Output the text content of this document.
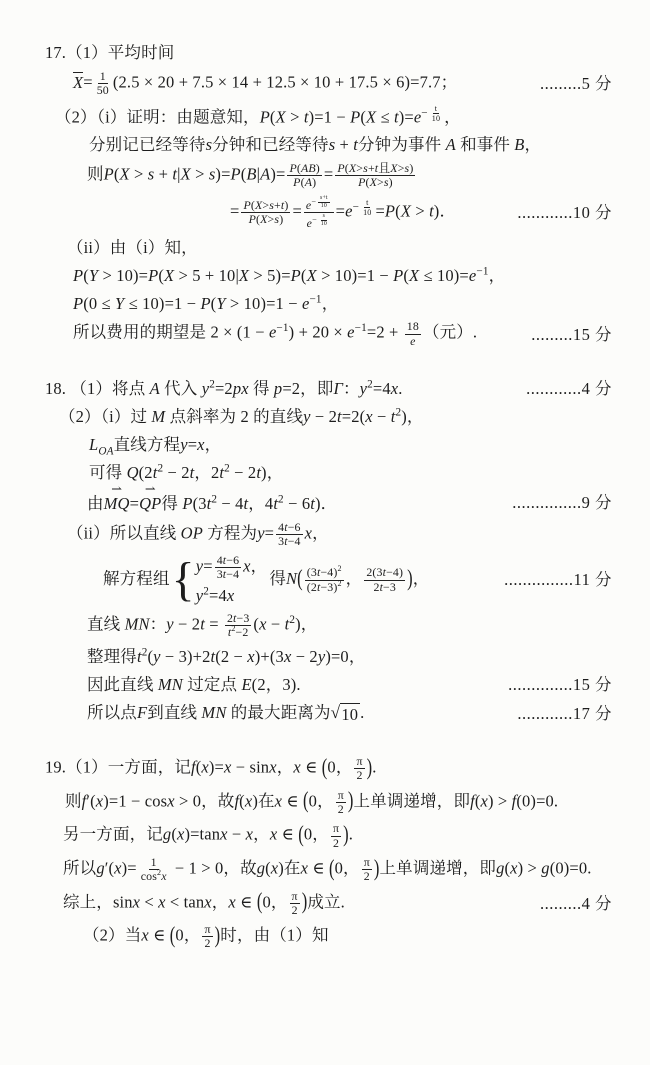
17.（1）平均时间
$X= \frac{1}{50} (2.5 \times 20 + 7.5 \times 14 + 12.5 \times 10 + 17.5 \times 6)=7.7$；	.........5 分
（2）（i）证明：由题意知，$P(X > t)=1 - P(X \le t)=e^{- \frac{t}{10}}$ ，
分别记已经等待s分钟和已经等待s + t分钟为事件 A 和事件 B，
则$P(X > s + t|X > s)=P(B|A)= \frac{P(AB)}{P(A)} = \frac{\text{P(X>s+t且X>s)}}{P(X>s)}$
= $\frac{P(X>s+t)}{P(X>s)} = e^{- \frac{s+t}{10}}$
$e^{- \frac{s}{10}} =e^{- \frac{t}{10}} =P(X > t)$．	............10 分
（ii）由（i）知，
$P(Y > 10)=P(X > 5 + 10|X > 5)=P(X > 10)=1 - P(X \le 10)=e^{-1}$，
$P(0 \le Y \le 10)=1 - P(Y > 10)=1 - e^{-1}$，
所以费用的期望是 $2 \times (1 - e^{-1}) + 20 \times e^{-1}=2 + \frac{18}{e}$ （元）.	.........15 分
18. （1）将点 A 代入 $y^2=2px$ 得 p=2，即Γ：$y^2=4x$.	............4 分
（2）（i）过 M 点斜率为 2 的直线$y - 2t=2(x - t^2)$，
$L_{OA}$直线方程y=x，
可得 $Q(2t^2 - 2t$，$2t^2 - 2t$)，
由MQ
⇀
=QP
⇀
得 $P(3t^2 - 4t$，$4t^2 - 6t$)．	...............9 分
（ii）所以直线 OP 方程为$y= \frac{4t-6}{3t-4}$ x，
解方程组 { $y= \frac{4t-6}{3t-4}$ x，
$y^2=4x$
得$N( \frac{(3t-4)^2}{(2t-3)^2}$ ， $\frac{2(3t-4)}{2t-3}$ )，	...............11 分
直线 MN：$y - 2t = \frac{2t-3}{t^2-2} (x - t^2)$，
整理得$t^2(y - 3)+2t(2 - x)+(3x - 2y)=0$，
因此直线 MN 过定点 E(2，3).	..............15 分
所以点F到直线 MN 的最大距离为 √ 10 .	............17 分
19.（1）一方面，记f(x)=x − sinx，x ∈ (0， $\frac{\pi}{2}$ ).
则f′(x)=1 − cosx > 0，故f(x)在x ∈ (0， $\frac{\pi}{2}$ )上单调递增，即f(x) > f(0)=0.
另一方面，记g(x)=tanx − x，x ∈ (0， $\frac{\pi}{2}$ ).
所以$g'(x)= \frac{1}{\cos^2x} - 1 > 0$，故g(x)在x ∈ (0， $\frac{\pi}{2}$ )上单调递增，即g(x) > g(0)=0.
综上，sinx < x < tanx，x ∈ (0， $\frac{\pi}{2}$ )成立.	.........4 分
（2）当x ∈ (0， $\frac{\pi}{2}$ )时，由（1）知
